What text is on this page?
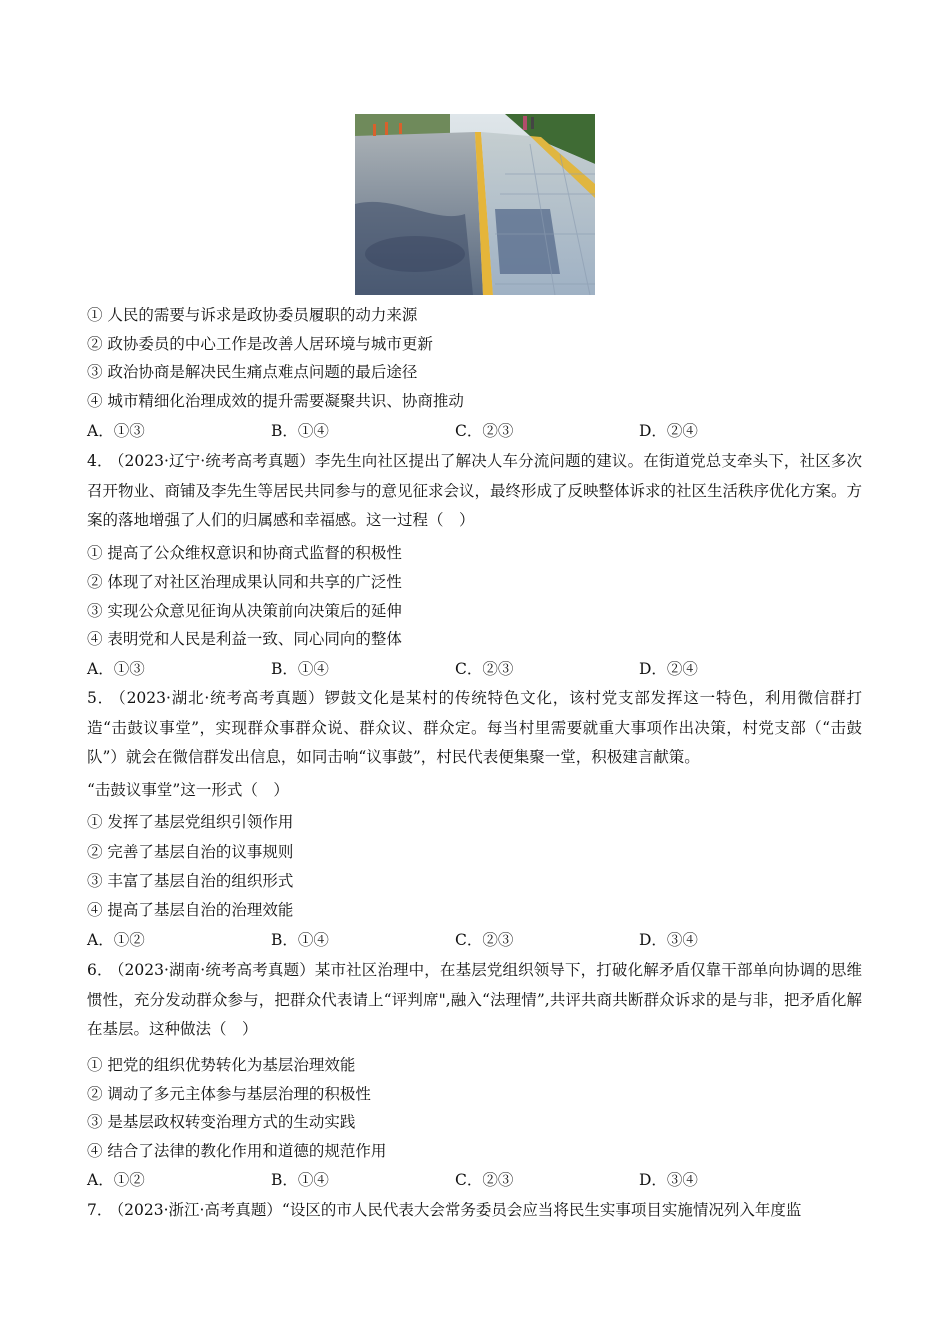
① 人民的需要与诉求是政协委员履职的动力来源
② 政协委员的中心工作是改善人居环境与城市更新
③ 政治协商是解决民生痛点难点问题的最后途径
④ 城市精细化治理成效的提升需要凝聚共识、协商推动
A．①③	B．①④	C．②③	D．②④
4． （2023·辽宁·统考高考真题）李先生向社区提出了解决人车分流问题的建议。在街道党总支牵头下，社区多次召开物业、商铺及李先生等居民共同参与的意见征求会议，最终形成了反映整体诉求的社区生活秩序优化方案。方案的落地增强了人们的归属感和幸福感。这一过程（　）
① 提高了公众维权意识和协商式监督的积极性
② 体现了对社区治理成果认同和共享的广泛性
③ 实现公众意见征询从决策前向决策后的延伸
④ 表明党和人民是利益一致、同心同向的整体
A．①③	B．①④	C．②③	D．②④
5． （2023·湖北·统考高考真题）锣鼓文化是某村的传统特色文化，该村党支部发挥这一特色，利用微信群打造“击鼓议事堂”，实现群众事群众说、群众议、群众定。每当村里需要就重大事项作出决策，村党支部（“击鼓队”）就会在微信群发出信息，如同击响“议事鼓”，村民代表便集聚一堂，积极建言献策。
“击鼓议事堂”这一形式（　）
① 发挥了基层党组织引领作用
② 完善了基层自治的议事规则
③ 丰富了基层自治的组织形式
④ 提高了基层自治的治理效能
A．①②	B．①④	C．②③	D．③④
6． （2023·湖南·统考高考真题）某市社区治理中，在基层党组织领导下，打破化解矛盾仅靠干部单向协调的思维惯性，充分发动群众参与，把群众代表请上“评判席",融入“法理情”,共评共商共断群众诉求的是与非，把矛盾化解在基层。这种做法（　）
① 把党的组织优势转化为基层治理效能
② 调动了多元主体参与基层治理的积极性
③ 是基层政权转变治理方式的生动实践
④ 结合了法律的教化作用和道德的规范作用
A．①②	B．①④	C．②③	D．③④
7． （2023·浙江·高考真题）“设区的市人民代表大会常务委员会应当将民生实事项目实施情况列入年度监
